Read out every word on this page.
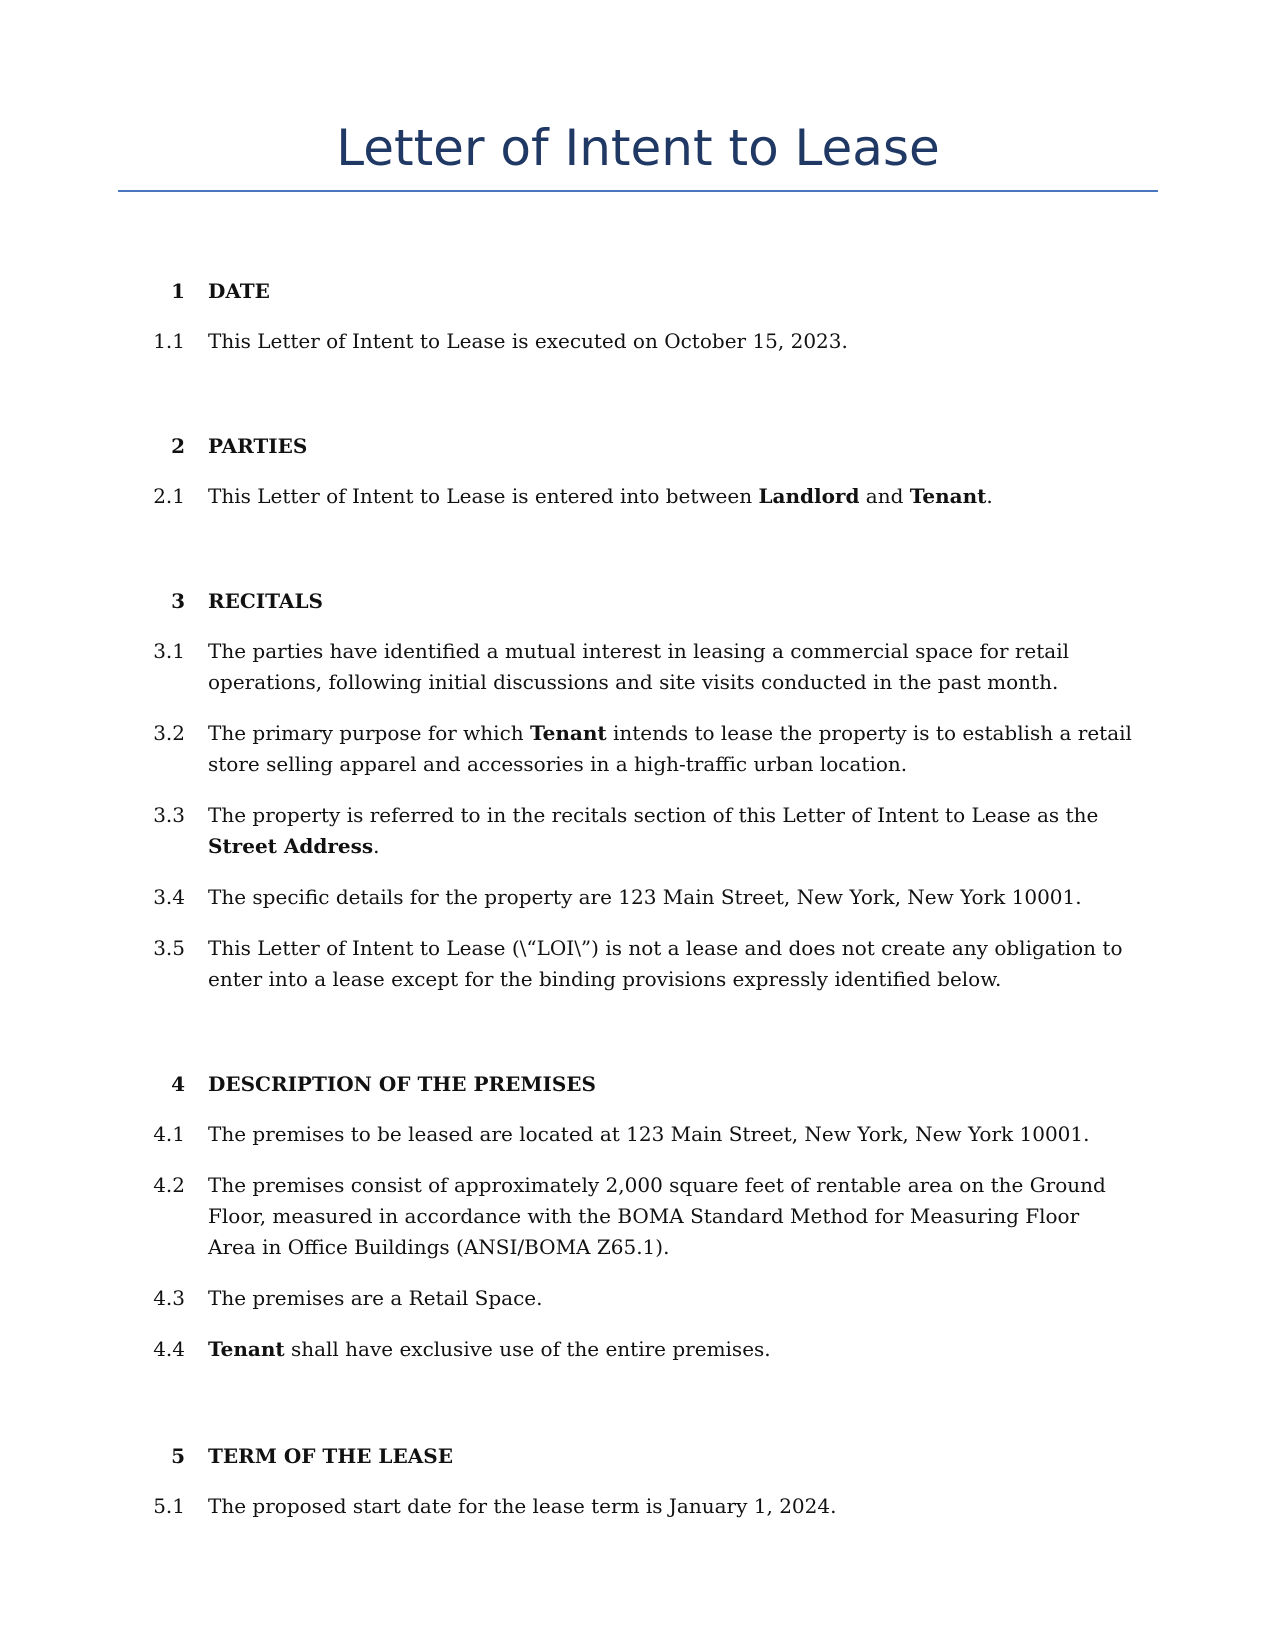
Letter of Intent to Lease
1 DATE
1.1 This Letter of Intent to Lease is executed on October 15, 2023.
2 PARTIES
2.1 This Letter of Intent to Lease is entered into between Landlord and Tenant.
3 RECITALS
3.1 The parties have identified a mutual interest in leasing a commercial space for retail operations, following initial discussions and site visits conducted in the past month.
3.2 The primary purpose for which Tenant intends to lease the property is to establish a retail store selling apparel and accessories in a high-traffic urban location.
3.3 The property is referred to in the recitals section of this Letter of Intent to Lease as the Street Address.
3.4 The specific details for the property are 123 Main Street, New York, New York 10001.
3.5 This Letter of Intent to Lease (\“LOI\”) is not a lease and does not create any obligation to enter into a lease except for the binding provisions expressly identified below.
4 DESCRIPTION OF THE PREMISES
4.1 The premises to be leased are located at 123 Main Street, New York, New York 10001.
4.2 The premises consist of approximately 2,000 square feet of rentable area on the Ground Floor, measured in accordance with the BOMA Standard Method for Measuring Floor Area in Office Buildings (ANSI/BOMA Z65.1).
4.3 The premises are a Retail Space.
4.4 Tenant shall have exclusive use of the entire premises.
5 TERM OF THE LEASE
5.1 The proposed start date for the lease term is January 1, 2024.
